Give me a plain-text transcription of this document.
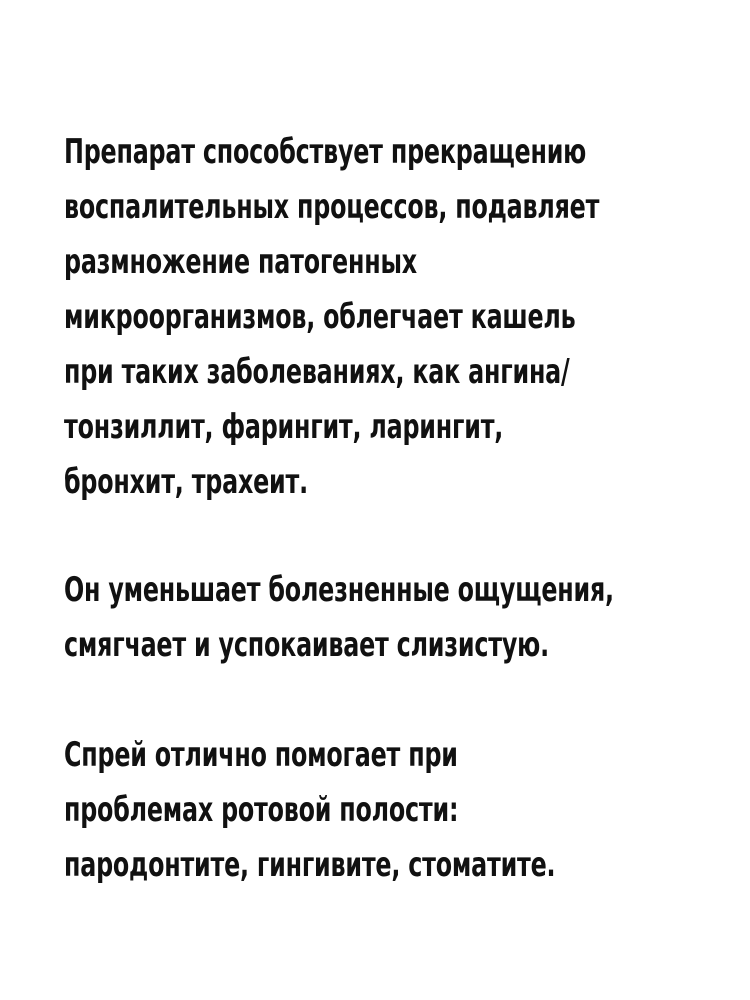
Препарат способствует прекращению
воспалительных процессов, подавляет
размножение патогенных
микроорганизмов, облегчает кашель
при таких заболеваниях, как ангина/
тонзиллит, фарингит, ларингит,
бронхит, трахеит.
Он уменьшает болезненные ощущения,
смягчает и успокаивает слизистую.
Спрей отлично помогает при
проблемах ротовой полости:
пародонтите, гингивите, стоматите.
